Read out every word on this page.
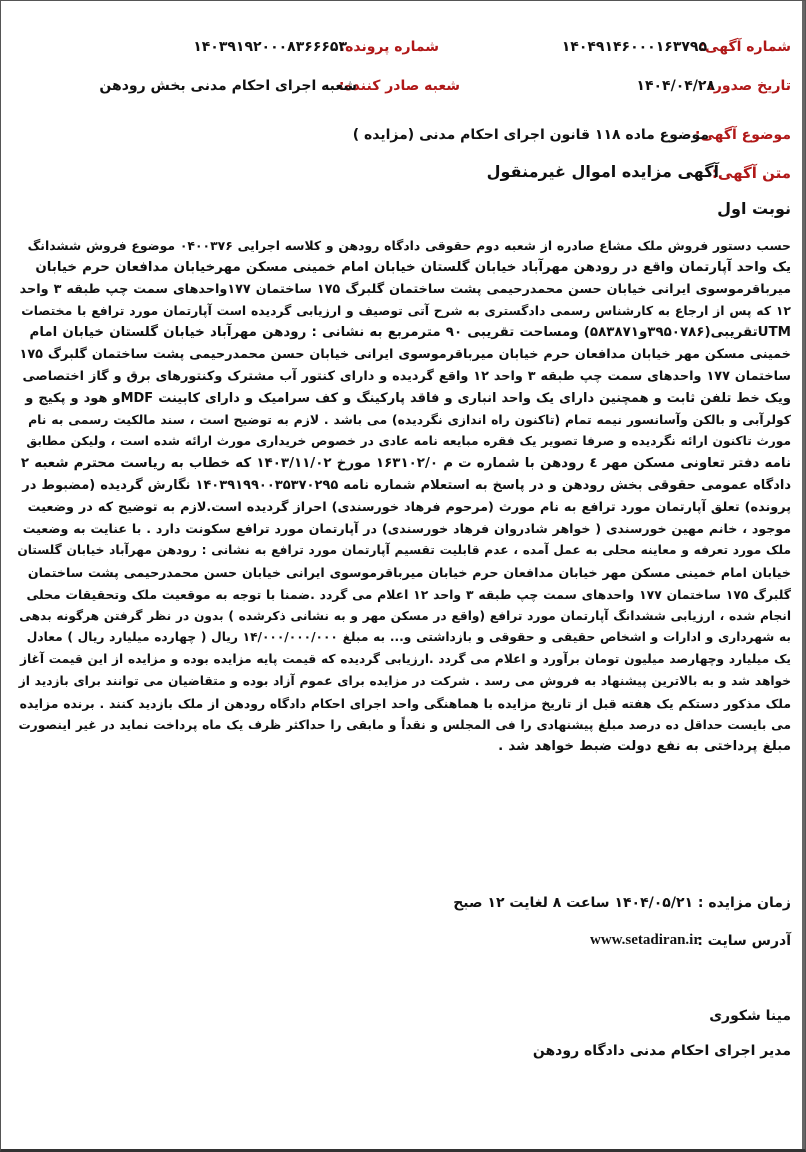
شماره آگهی:
۱۴۰۴۹۱۴۶۰۰۰۱۶۳۷۹۵
شماره پرونده:
۱۴۰۳۹۱۹۲۰۰۰۸۳۶۶۶۵۳
تاریخ صدور:
۱۴۰۴/۰۴/۲۸
شعبه صادر کننده:
شعبه اجرای احکام مدنی بخش رودهن
موضوع آگهی:
موضوع ماده ۱۱۸ قانون اجرای احکام مدنی (مزایده )
متن آگهی:
آگهی مزایده اموال غیرمنقول
نوبت اول
حسب دستور فروش ملک مشاع صادره از شعبه دوم حقوقی دادگاه رودهن و کلاسه اجرایی ۰۴۰۰۳۷۶ موضوع فروش ششدانگ
یک واحد آپارتمان واقع در رودهن مهرآباد خیابان گلستان خیابان امام خمینی مسکن مهرخیابان مدافعان حرم خیابان
میرباقرموسوی ایرانی خیابان حسن محمدرحیمی پشت ساختمان گلبرگ ۱۷۵ ساختمان ۱۷۷واحدهای سمت چپ طبقه ۳ واحد
۱۲ که پس از ارجاع به کارشناس رسمی دادگستری به شرح آتی توصیف و ارزیابی گردیده است آپارتمان مورد ترافع با مختصات
UTMتقریبی(۳۹۵۰۷۸۶و۵۸۳۸۷۱) ومساحت تقریبی ۹۰ مترمربع به نشانی : رودهن مهرآباد خیابان گلستان خیابان امام
خمینی مسکن مهر خیابان مدافعان حرم خیابان میرباقرموسوی ایرانی خیابان حسن محمدرحیمی پشت ساختمان گلبرگ ۱۷۵
ساختمان ۱۷۷ واحدهای سمت چپ طبقه ۳ واحد ۱۲ واقع گردیده و دارای کنتور آب مشترک وکنتورهای برق و گاز اختصاصی
ویک خط تلفن ثابت و همچنین دارای یک واحد انباری و فاقد پارکینگ و کف سرامیک و دارای کابینت MDFو هود و پکیج و
کولرآبی و بالکن وآسانسور نیمه تمام (تاکنون راه اندازی نگردیده) می باشد . لازم به توضیح است ، سند مالکیت رسمی به نام
مورث تاکنون ارائه نگردیده و صرفا تصویر یک فقره مبایعه نامه عادی در خصوص خریداری مورث ارائه شده است ، ولیکن مطابق
نامه دفتر تعاونی مسکن مهر ٤ رودهن با شماره ت م ۱۶۳۱۰۲/۰ مورخ ۱۴۰۳/۱۱/۰۲ که خطاب به ریاست محترم شعبه ۲
دادگاه عمومی حقوقی بخش رودهن و در پاسخ به استعلام شماره نامه ۱۴۰۳۹۱۹۹۰۰۳۵۳۷۰۲۹۵ نگارش گردیده (مضبوط در
پرونده) تعلق آپارتمان مورد ترافع به نام مورث (مرحوم فرهاد خورسندی) احراز گردیده است.لازم به توضیح که در وضعیت
موجود ، خانم مهین خورسندی ( خواهر شادروان فرهاد خورسندی) در آپارتمان مورد ترافع سکونت دارد . با عنایت به وضعیت
ملک مورد تعرفه و معاینه محلی به عمل آمده ، عدم قابلیت تقسیم آپارتمان مورد ترافع به نشانی : رودهن مهرآباد خیابان گلستان
خیابان امام خمینی مسکن مهر خیابان مدافعان حرم خیابان میرباقرموسوی ایرانی خیابان حسن محمدرحیمی پشت ساختمان
گلبرگ ۱۷۵ ساختمان ۱۷۷ واحدهای سمت چپ طبقه ۳ واحد ۱۲ اعلام می گردد .ضمنا با توجه به موقعیت ملک وتحقیقات محلی
انجام شده ، ارزیابی ششدانگ آپارتمان مورد ترافع (واقع در مسکن مهر و به نشانی ذکرشده ) بدون در نظر گرفتن هرگونه بدهی
به شهرداری و ادارات و اشخاص حقیقی و حقوقی و بازداشتی و... به مبلغ ۱۴/۰۰۰/۰۰۰/۰۰۰ ریال ( چهارده میلیارد ریال ) معادل
یک میلیارد وچهارصد میلیون تومان برآورد و اعلام می گردد .ارزیابی گردیده که قیمت پایه مزایده بوده و مزایده از این قیمت آغاز
خواهد شد و به بالاترین پیشنهاد به فروش می رسد . شرکت در مزایده برای عموم آزاد بوده و متقاضیان می توانند برای بازدید از
ملک مذکور دستکم یک هفته قبل از تاریخ مزایده با هماهنگی واحد اجرای احکام دادگاه رودهن از ملک بازدید کنند . برنده مزایده
می بایست حداقل ده درصد مبلغ پیشنهادی را فی المجلس و نقداً و مابقی را حداکثر ظرف یک ماه پرداخت نماید در غیر اینصورت
مبلغ پرداختی به نفع دولت ضبط خواهد شد .
زمان مزایده : ۱۴۰۴/۰۵/۲۱ ساعت ۸ لغایت ۱۲ صبح
آدرس سایت :
www.setadiran.ir
مینا شکوری
مدیر اجرای احکام مدنی دادگاه رودهن
